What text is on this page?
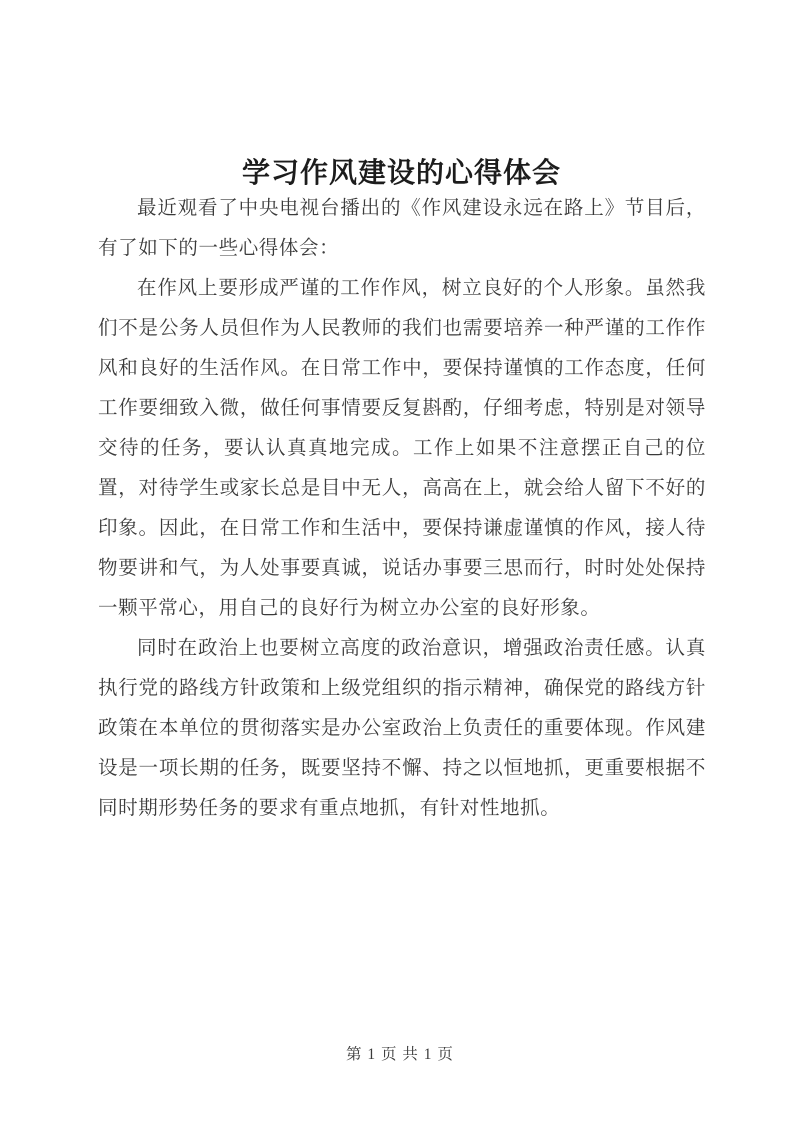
学习作风建设的心得体会

最近观看了中央电视台播出的《作风建设永远在路上》节目后，有了如下的一些心得体会：

在作风上要形成严谨的工作作风，树立良好的个人形象。虽然我们不是公务人员但作为人民教师的我们也需要培养一种严谨的工作作风和良好的生活作风。在日常工作中，要保持谨慎的工作态度，任何工作要细致入微，做任何事情要反复斟酌，仔细考虑，特别是对领导交待的任务，要认认真真地完成。工作上如果不注意摆正自己的位置，对待学生或家长总是目中无人，高高在上，就会给人留下不好的印象。因此，在日常工作和生活中，要保持谦虚谨慎的作风，接人待物要讲和气，为人处事要真诚，说话办事要三思而行，时时处处保持一颗平常心，用自己的良好行为树立办公室的良好形象。

同时在政治上也要树立高度的政治意识，增强政治责任感。认真执行党的路线方针政策和上级党组织的指示精神，确保党的路线方针政策在本单位的贯彻落实是办公室政治上负责任的重要体现。作风建设是一项长期的任务，既要坚持不懈、持之以恒地抓，更重要根据不同时期形势任务的要求有重点地抓，有针对性地抓。

第 1 页 共 1 页
